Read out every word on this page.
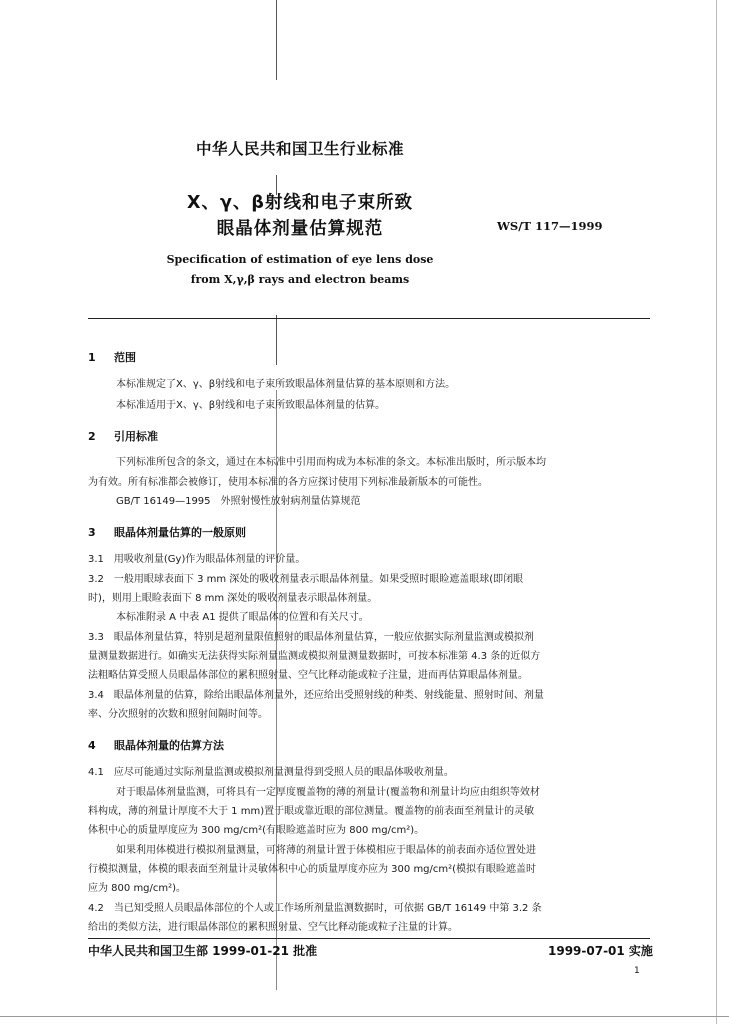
中华人民共和国卫生行业标准
X、γ、β射线和电子束所致
眼晶体剂量估算规范	WS/T 117—1999
Specification of estimation of eye lens dose
from X,γ,β rays and electron beams
1 范围
本标准规定了X、γ、β射线和电子束所致眼晶体剂量估算的基本原则和方法。
本标准适用于X、γ、β射线和电子束所致眼晶体剂量的估算。
2 引用标准
下列标准所包含的条文，通过在本标准中引用而构成为本标准的条文。本标准出版时，所示版本均
为有效。所有标准都会被修订，使用本标准的各方应探讨使用下列标准最新版本的可能性。
GB/T 16149—1995　外照射慢性放射病剂量估算规范
3 眼晶体剂量估算的一般原则
3.1　用吸收剂量(Gy)作为眼晶体剂量的评价量。
3.2　一般用眼球表面下 3 mm 深处的吸收剂量表示眼晶体剂量。如果受照时眼睑遮盖眼球(即闭眼
时)，则用上眼睑表面下 8 mm 深处的吸收剂量表示眼晶体剂量。
本标准附录 A 中表 A1 提供了眼晶体的位置和有关尺寸。
3.3　眼晶体剂量估算，特别是超剂量限值照射的眼晶体剂量估算，一般应依据实际剂量监测或模拟剂
量测量数据进行。如确实无法获得实际剂量监测或模拟剂量测量数据时，可按本标准第 4.3 条的近似方
法粗略估算受照人员眼晶体部位的累积照射量、空气比释动能或粒子注量，进而再估算眼晶体剂量。
3.4　眼晶体剂量的估算，除给出眼晶体剂量外，还应给出受照射线的种类、射线能量、照射时间、剂量
率、分次照射的次数和照射间隔时间等。
4 眼晶体剂量的估算方法
4.1　应尽可能通过实际剂量监测或模拟剂量测量得到受照人员的眼晶体吸收剂量。
对于眼晶体剂量监测，可将具有一定厚度覆盖物的薄的剂量计(覆盖物和剂量计均应由组织等效材
料构成，薄的剂量计厚度不大于 1 mm)置于眼或靠近眼的部位测量。覆盖物的前表面至剂量计的灵敏
体积中心的质量厚度应为 300 mg/cm²(有眼睑遮盖时应为 800 mg/cm²)。
如果利用体模进行模拟剂量测量，可将薄的剂量计置于体模相应于眼晶体的前表面亦适位置处进
行模拟测量，体模的眼表面至剂量计灵敏体积中心的质量厚度亦应为 300 mg/cm²(模拟有眼睑遮盖时
应为 800 mg/cm²)。
4.2　当已知受照人员眼晶体部位的个人或工作场所剂量监测数据时，可依据 GB/T 16149 中第 3.2 条
给出的类似方法，进行眼晶体部位的累积照射量、空气比释动能或粒子注量的计算。
中华人民共和国卫生部 1999-01-21 批准	1999-07-01 实施
1
